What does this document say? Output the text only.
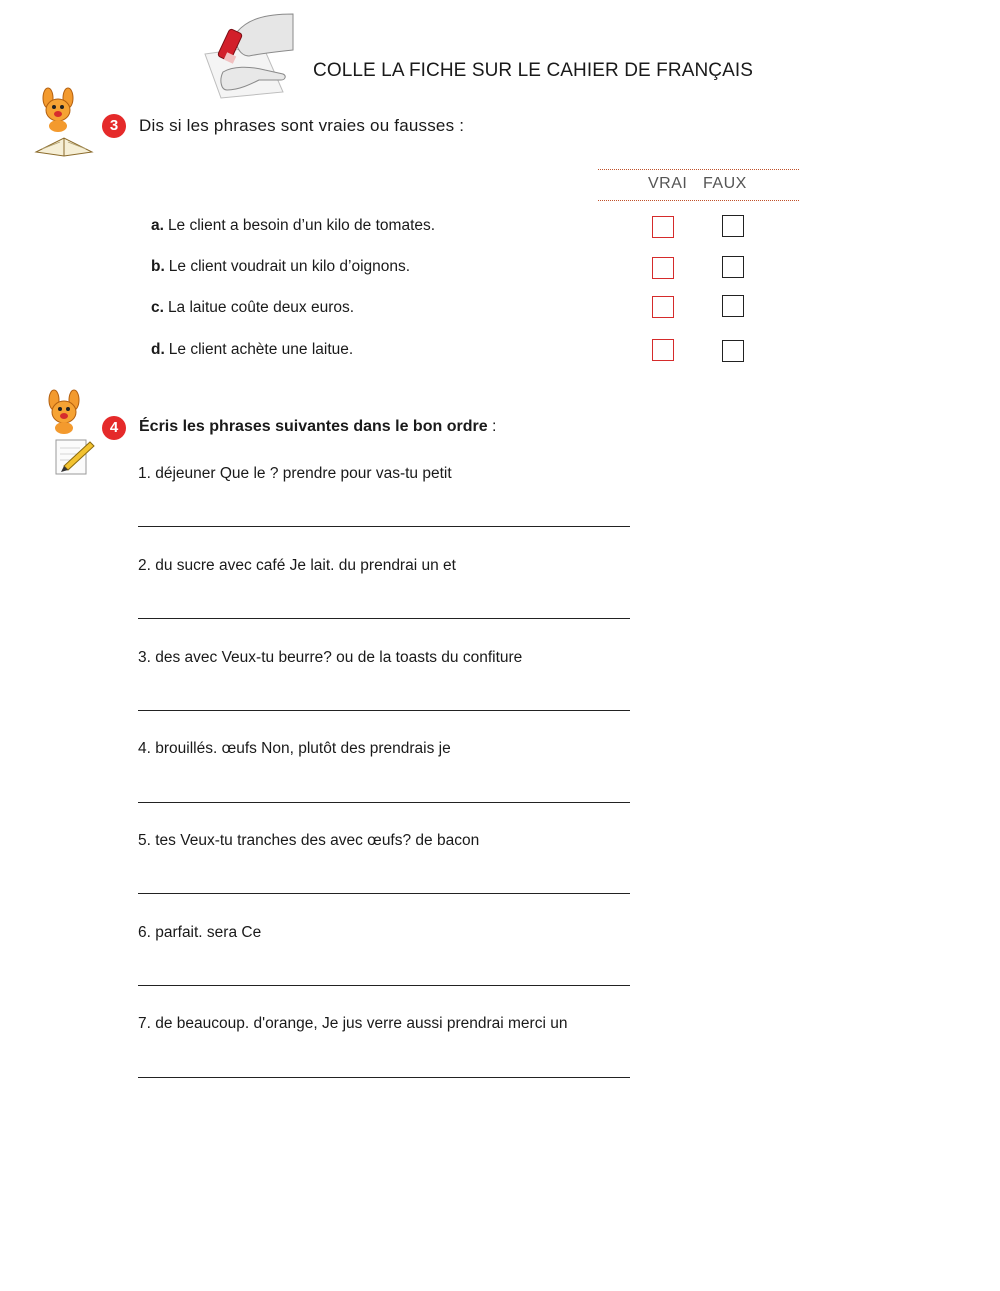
COLLE LA FICHE SUR LE CAHIER DE FRANÇAIS
3	Dis si les phrases sont vraies ou fausses :
VRAI FAUX
a. Le client a besoin d’un kilo de tomates.
b. Le client voudrait un kilo d’oignons.
c. La laitue coûte deux euros.
d. Le client achète une laitue.
4	Écris les phrases suivantes dans le bon ordre :
1. déjeuner Que le ? prendre pour vas-tu petit
2. du sucre avec café Je lait. du prendrai un et
3. des avec Veux-tu beurre? ou de la toasts du confiture
4. brouillés. œufs Non, plutôt des prendrais je
5. tes Veux-tu tranches des avec œufs? de bacon
6. parfait. sera Ce
7. de beaucoup. d'orange, Je jus verre aussi prendrai merci un
